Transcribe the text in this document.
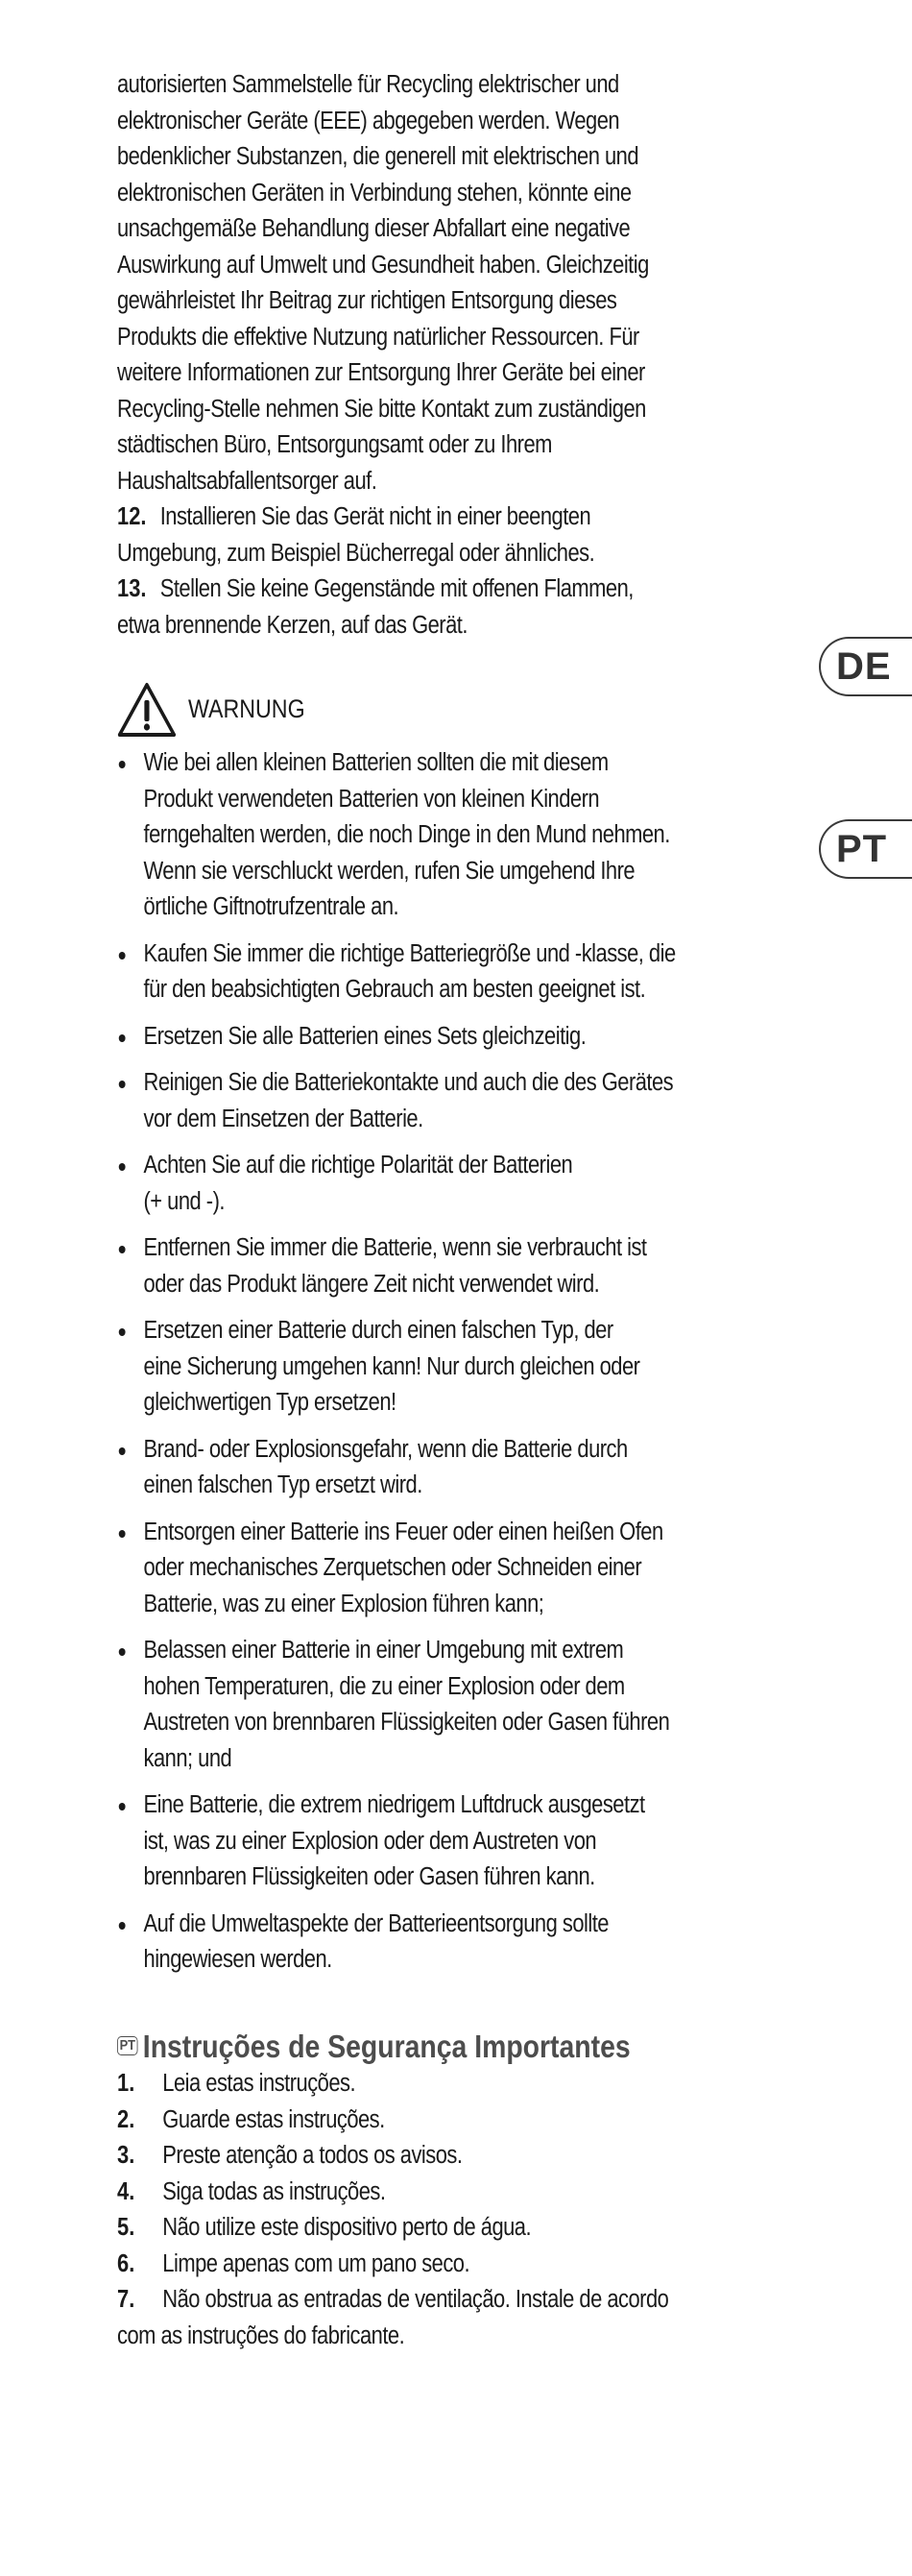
autorisierten Sammelstelle für Recycling elektrischer und

elektronischer Geräte (EEE) abgegeben werden. Wegen

bedenklicher Substanzen, die generell mit elektrischen und

elektronischen Geräten in Verbindung stehen, könnte eine

unsachgemäße Behandlung dieser Abfallart eine negative

Auswirkung auf Umwelt und Gesundheit haben. Gleichzeitig

gewährleistet Ihr Beitrag zur richtigen Entsorgung dieses

Produkts die effektive Nutzung natürlicher Ressourcen. Für

weitere Informationen zur Entsorgung Ihrer Geräte bei einer

Recycling-Stelle nehmen Sie bitte Kontakt zum zuständigen

städtischen Büro, Entsorgungsamt oder zu Ihrem

Haushaltsabfallentsorger auf.

12. Installieren Sie das Gerät nicht in einer beengten

Umgebung, zum Beispiel Bücherregal oder ähnliches.

13. Stellen Sie keine Gegenstände mit offenen Flammen,

etwa brennende Kerzen, auf das Gerät.

WARNUNG

Wie bei allen kleinen Batterien sollten die mit diesem

Produkt verwendeten Batterien von kleinen Kindern

ferngehalten werden, die noch Dinge in den Mund nehmen.

Wenn sie verschluckt werden, rufen Sie umgehend Ihre

örtliche Giftnotrufzentrale an.

Kaufen Sie immer die richtige Batteriegröße und -klasse, die

für den beabsichtigten Gebrauch am besten geeignet ist.

Ersetzen Sie alle Batterien eines Sets gleichzeitig.

Reinigen Sie die Batteriekontakte und auch die des Gerätes

vor dem Einsetzen der Batterie.

Achten Sie auf die richtige Polarität der Batterien

(+ und -).

Entfernen Sie immer die Batterie, wenn sie verbraucht ist

oder das Produkt längere Zeit nicht verwendet wird.

Ersetzen einer Batterie durch einen falschen Typ, der

eine Sicherung umgehen kann! Nur durch gleichen oder

gleichwertigen Typ ersetzen!

Brand- oder Explosionsgefahr, wenn die Batterie durch

einen falschen Typ ersetzt wird.

Entsorgen einer Batterie ins Feuer oder einen heißen Ofen

oder mechanisches Zerquetschen oder Schneiden einer

Batterie, was zu einer Explosion führen kann;

Belassen einer Batterie in einer Umgebung mit extrem

hohen Temperaturen, die zu einer Explosion oder dem

Austreten von brennbaren Flüssigkeiten oder Gasen führen

kann; und

Eine Batterie, die extrem niedrigem Luftdruck ausgesetzt

ist, was zu einer Explosion oder dem Austreten von

brennbaren Flüssigkeiten oder Gasen führen kann.

Auf die Umweltaspekte der Batterieentsorgung sollte

hingewiesen werden.

PT Instruções de Segurança Importantes

1. Leia estas instruções.

2. Guarde estas instruções.

3. Preste atenção a todos os avisos.

4. Siga todas as instruções.

5. Não utilize este dispositivo perto de água.

6. Limpe apenas com um pano seco.

7. Não obstrua as entradas de ventilação. Instale de acordo

com as instruções do fabricante.

DE
PT
